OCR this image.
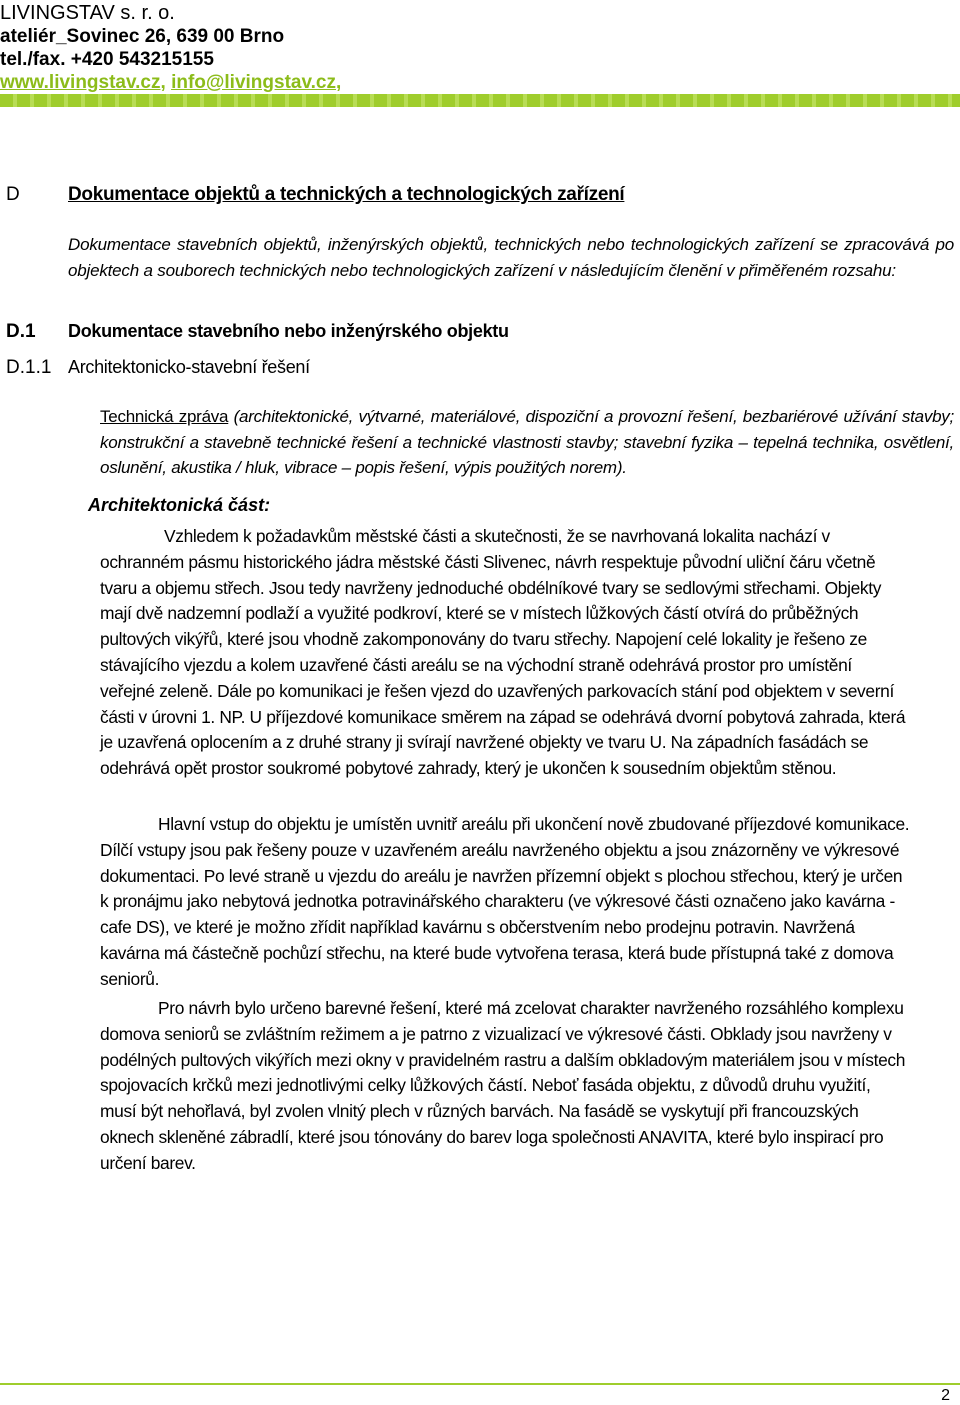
LIVINGSTAV s. r. o.
ateliér_Sovinec 26, 639 00 Brno
tel./fax. +420 543215155
www.livingstav.cz, info@livingstav.cz,
D	Dokumentace objektů a technických a technologických zařízení
Dokumentace stavebních objektů, inženýrských objektů, technických nebo technologických zařízení se zpracovává po objektech a souborech technických nebo technologických zařízení v následujícím členění v přiměřeném rozsahu:
D.1 Dokumentace stavebního nebo inženýrského objektu
D.1.1 Architektonicko-stavební řešení
Technická zpráva (architektonické, výtvarné, materiálové, dispoziční a provozní řešení, bezbariérové užívání stavby; konstrukční a stavebně technické řešení a technické vlastnosti stavby; stavební fyzika – tepelná technika, osvětlení, oslunění, akustika / hluk, vibrace – popis řešení, výpis použitých norem).
Architektonická část:

Vzhledem k požadavkům městské části a skutečnosti, že se navrhovaná lokalita nachází v ochranném pásmu historického jádra městské části Slivenec, návrh respektuje původní uliční čáru včetně tvaru a objemu střech. Jsou tedy navrženy jednoduché obdélníkové tvary se sedlovými střechami. Objekty mají dvě nadzemní podlaží a využité podkroví, které se v místech lůžkových částí otvírá do průběžných pultových vikýřů, které jsou vhodně zakomponovány do tvaru střechy. Napojení celé lokality je řešeno ze stávajícího vjezdu a kolem uzavřené části areálu se na východní straně odehrává prostor pro umístění veřejné zeleně. Dále po komunikaci je řešen vjezd do uzavřených parkovacích stání pod objektem v severní části v úrovni 1. NP. U příjezdové komunikace směrem na západ se odehrává dvorní pobytová zahrada, která je uzavřená oplocením a z druhé strany ji svírají navržené objekty ve tvaru U. Na západních fasádách se odehrává opět prostor soukromé pobytové zahrady, který je ukončen k sousedním objektům stěnou.

Hlavní vstup do objektu je umístěn uvnitř areálu při ukončení nově zbudované příjezdové komunikace. Dílčí vstupy jsou pak řešeny pouze v uzavřeném areálu navrženého objektu a jsou znázorněny ve výkresové dokumentaci. Po levé straně u vjezdu do areálu je navržen přízemní objekt s plochou střechou, který je určen k pronájmu jako nebytová jednotka potravinářského charakteru (ve výkresové části označeno jako kavárna - cafe DS), ve které je možno zřídit například kavárnu s občerstvením nebo prodejnu potravin. Navržená kavárna má částečně pochůzí střechu, na které bude vytvořena terasa, která bude přístupná také z domova seniorů.

Pro návrh bylo určeno barevné řešení, které má zcelovat charakter navrženého rozsáhlého komplexu domova seniorů se zvláštním režimem a je patrno z vizualizací ve výkresové části. Obklady jsou navrženy v podélných pultových vikýřích mezi okny v pravidelném rastru a dalším obkladovým materiálem jsou v místech spojovacích krčků mezi jednotlivými celky lůžkových částí. Neboť fasáda objektu, z důvodů druhu využití, musí být nehořlavá, byl zvolen vlnitý plech v různých barvách. Na fasádě se vyskytují při francouzských oknech skleněné zábradlí, které jsou tónovány do barev loga společnosti ANAVITA, které bylo inspirací pro určení barev.

2
